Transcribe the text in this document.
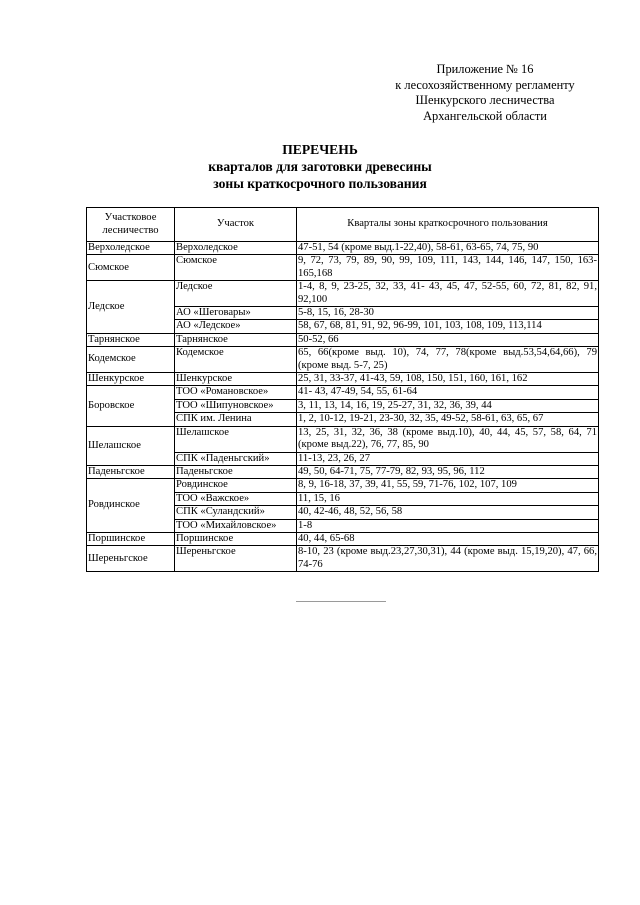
Приложение № 16
к лесохозяйственному регламенту
Шенкурского лесничества
Архангельской области
ПЕРЕЧЕНЬ
кварталов для заготовки древесины
зоны краткосрочного пользования
Участковое лесничество	Участок	Кварталы зоны краткосрочного пользования
Верхоледское	Верхоледское	47-51, 54 (кроме выд.1-22,40), 58-61, 63-65, 74, 75, 90
Сюмское	Сюмское	9, 72, 73, 79, 89, 90, 99, 109, 111, 143, 144, 146, 147, 150, 163-165,168
Ледское	Ледское	1-4, 8, 9, 23-25, 32, 33, 41- 43, 45, 47, 52-55, 60, 72, 81, 82, 91, 92,100
	АО «Шеговары»	5-8, 15, 16, 28-30
	АО «Ледское»	58, 67, 68, 81, 91, 92, 96-99, 101, 103, 108, 109, 113,114
Тарнянское	Тарнянское	50-52, 66
Кодемское	Кодемское	65, 66(кроме выд. 10), 74, 77, 78(кроме выд.53,54,64,66), 79 (кроме выд. 5-7, 25)
Шенкурское	Шенкурское	25, 31, 33-37, 41-43, 59, 108, 150, 151, 160, 161, 162
Боровское	ТОО «Романовское»	41- 43, 47-49, 54, 55, 61-64
	ТОО «Шипуновское»	3, 11, 13, 14, 16, 19, 25-27, 31, 32, 36, 39, 44
	СПК им. Ленина	1, 2, 10-12, 19-21, 23-30, 32, 35, 49-52, 58-61, 63, 65, 67
Шелашское	Шелашское	13, 25, 31, 32, 36, 38 (кроме выд.10), 40, 44, 45, 57, 58, 64, 71 (кроме выд.22), 76, 77, 85, 90
	СПК «Паденьгский»	11-13, 23, 26, 27
Паденьгское	Паденьгское	49, 50, 64-71, 75, 77-79, 82, 93, 95, 96, 112
Ровдинское	Ровдинское	8, 9, 16-18, 37, 39, 41, 55, 59, 71-76, 102, 107, 109
	ТОО «Важское»	11, 15, 16
	СПК «Суландский»	40, 42-46, 48, 52, 56, 58
	ТОО «Михайловское»	1-8
Поршинское	Поршинское	40, 44, 65-68
Шереньгское	Шереньгское	8-10, 23 (кроме выд.23,27,30,31), 44 (кроме выд. 15,19,20), 47, 66, 74-76
